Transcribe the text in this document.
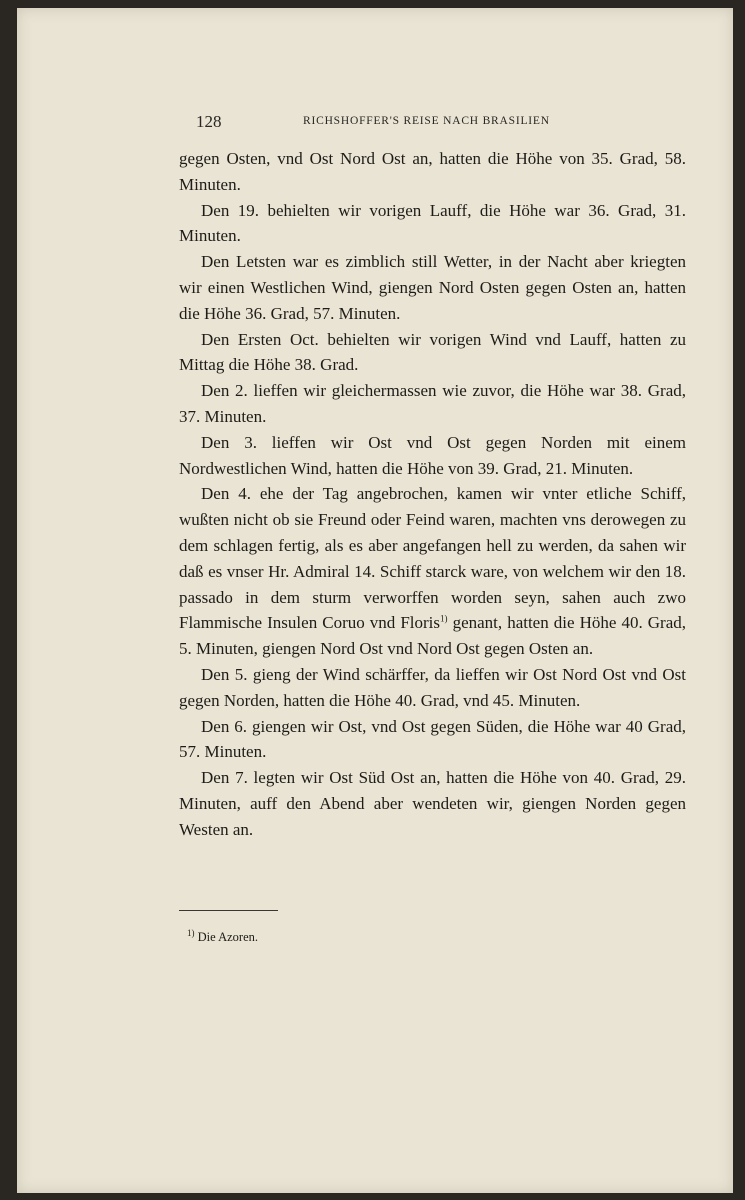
128	RICHSHOFFER'S REISE NACH BRASILIEN

gegen Osten, vnd Ost Nord Ost an, hatten die Höhe von 35. Grad, 58. Minuten.

Den 19. behielten wir vorigen Lauff, die Höhe war 36. Grad, 31. Minuten.

Den Letsten war es zimblich still Wetter, in der Nacht aber kriegten wir einen Westlichen Wind, giengen Nord Osten gegen Osten an, hatten die Höhe 36. Grad, 57. Minuten.

Den Ersten Oct. behielten wir vorigen Wind vnd Lauff, hatten zu Mittag die Höhe 38. Grad.

Den 2. lieffen wir gleichermassen wie zuvor, die Höhe war 38. Grad, 37. Minuten.

Den 3. lieffen wir Ost vnd Ost gegen Norden mit einem Nordwestlichen Wind, hatten die Höhe von 39. Grad, 21. Minuten.

Den 4. ehe der Tag angebrochen, kamen wir vnter etliche Schiff, wußten nicht ob sie Freund oder Feind waren, machten vns derowegen zu dem schlagen fertig, als es aber angefangen hell zu werden, da sahen wir daß es vnser Hr. Admiral 14. Schiff starck ware, von welchem wir den 18. passado in dem sturm verworffen worden seyn, sahen auch zwo Flammische Insulen Coruo vnd Floris$^{1)}$ genant, hatten die Höhe 40. Grad, 5. Minuten, giengen Nord Ost vnd Nord Ost gegen Osten an.

Den 5. gieng der Wind schärffer, da lieffen wir Ost Nord Ost vnd Ost gegen Norden, hatten die Höhe 40. Grad, vnd 45. Minuten.

Den 6. giengen wir Ost, vnd Ost gegen Süden, die Höhe war 40 Grad, 57. Minuten.

Den 7. legten wir Ost Süd Ost an, hatten die Höhe von 40. Grad, 29. Minuten, auff den Abend aber wendeten wir, giengen Norden gegen Westen an.

$^{1)}$ Die Azoren.
